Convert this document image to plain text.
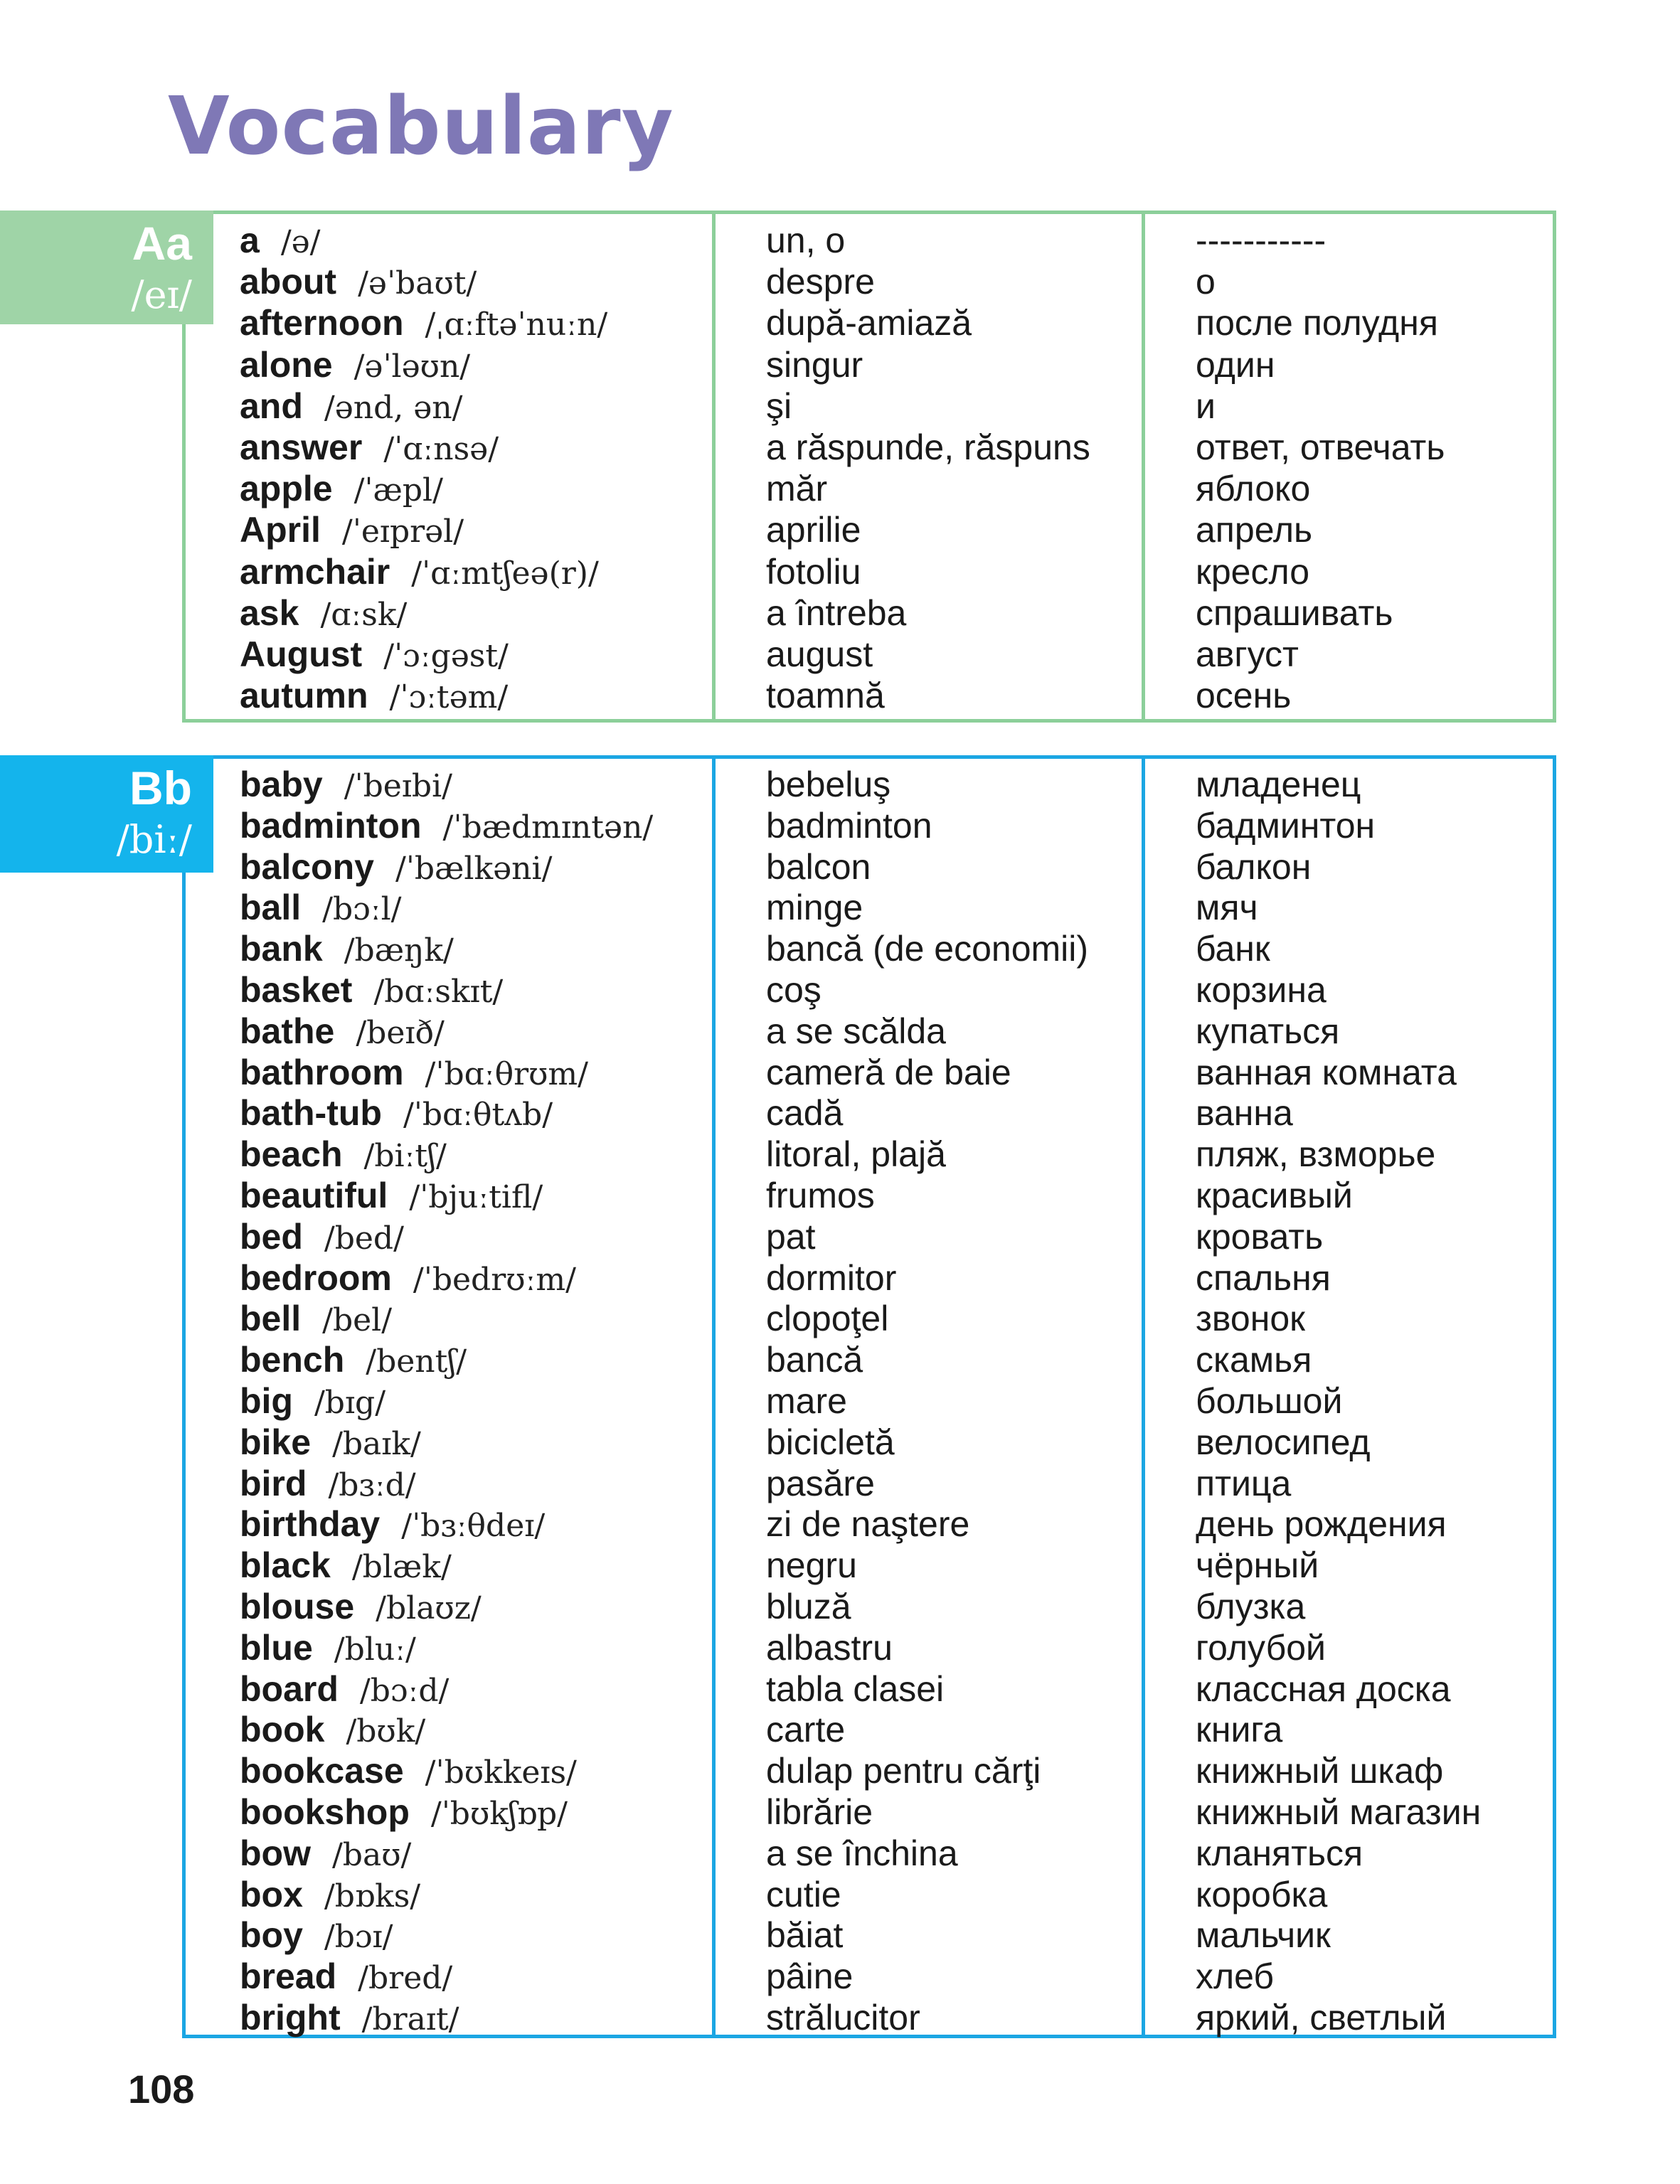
Vocabulary
a /ə/
about /əˈbaʊt/
afternoon /ˌɑːftəˈnuːn/
alone /əˈləʊn/
and /ənd, ən/
answer /ˈɑːnsə/
apple /ˈæpl/
April /ˈeɪprəl/
armchair /ˈɑːmtʃeə(r)/
ask /ɑːsk/
August /ˈɔːgəst/
autumn /ˈɔːtəm/
un, o
despre
după-amiază
singur
şi
a răspunde, răspuns
măr
aprilie
fotoliu
a întreba
august
toamnă
-----------
о
после полудня
один
и
ответ, отвечать
яблоко
апрель
кресло
спрашивать
август
осень
Aa
/eɪ/
baby /ˈbeɪbi/
badminton /ˈbædmɪntən/
balcony /ˈbælkəni/
ball /bɔːl/
bank /bæŋk/
basket /bɑːskɪt/
bathe /beɪð/
bathroom /ˈbɑːθrʊm/
bath-tub /ˈbɑːθtʌb/
beach /biːtʃ/
beautiful /ˈbjuːtifl/
bed /bed/
bedroom /ˈbedrʊːm/
bell /bel/
bench /bentʃ/
big /bɪg/
bike /baɪk/
bird /bɜːd/
birthday /ˈbɜːθdeɪ/
black /blæk/
blouse /blaʊz/
blue /bluː/
board /bɔːd/
book /bʊk/
bookcase /ˈbʊkkeɪs/
bookshop /ˈbʊkʃɒp/
bow /baʊ/
box /bɒks/
boy /bɔɪ/
bread /bred/
bright /braɪt/
bebeluş
badminton
balcon
minge
bancă (de economii)
coş
a se scălda
cameră de baie
cadă
litoral, plajă
frumos
pat
dormitor
clopoţel
bancă
mare
bicicletă
pasăre
zi de naştere
negru
bluză
albastru
tabla clasei
carte
dulap pentru cărţi
librărie
a se închina
cutie
băiat
pâine
strălucitor
младенец
бадминтон
балкон
мяч
банк
корзина
купаться
ванная комната
ванна
пляж, взморье
красивый
кровать
спальня
звонок
скамья
большой
велосипед
птица
день рождения
чёрный
блузка
голубой
классная доска
книга
книжный шкаф
книжный магазин
кланяться
коробка
мальчик
хлеб
яркий, светлый
Bb
/biː/
108
